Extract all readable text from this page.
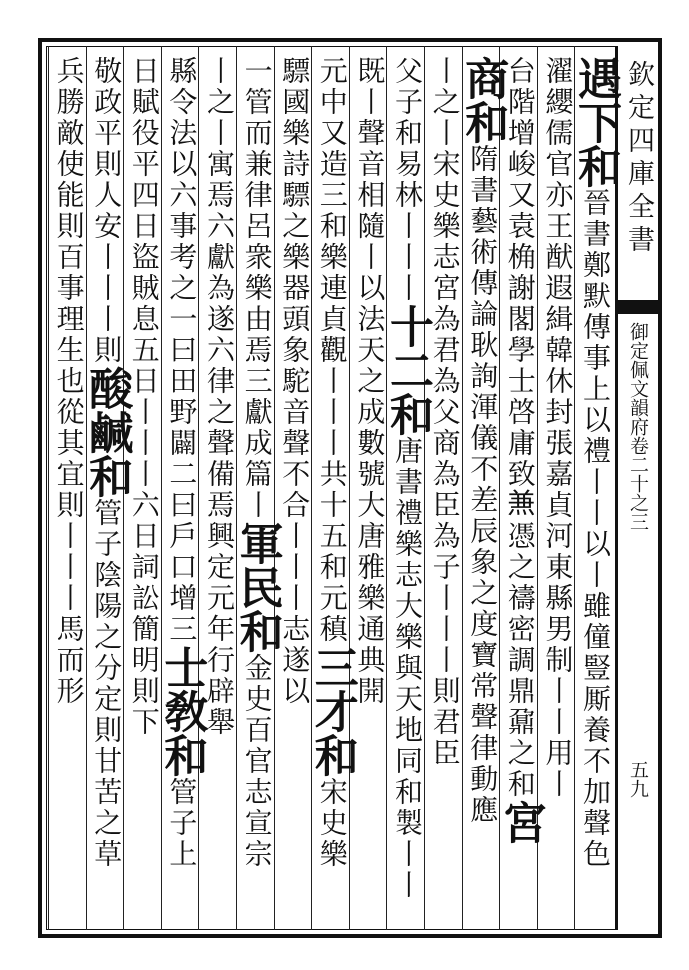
欽定四庫全書
御定佩文韻府卷二十之三
五九
遇下和晉書鄭默傳事上以禮丨丨以丨雖僮豎厮養不加聲色
濯纓儒官亦王猷遐緝韓休封張嘉貞河東縣男制丨丨用丨
台階增峻又袁桷謝閣學士啓庸致𠔥憑之禱密調鼎鼐之和宮
商和隋書藝術傳論耿詢渾儀不差辰象之度寶常聲律動應
丨之丨宋史樂志宮為君為父商為臣為子丨丨丨則君臣
父子和易林丨丨丨十二和唐書禮樂志大樂與天地同和製丨丨
既丨聲音相隨丨以法天之成數號大唐雅樂通典開
元中又造三和樂連貞觀丨丨丨共十五和元稹三才和宋史樂
驃國樂詩驃之樂器頭象駝音聲不合丨丨丨志遂以
一管而兼律呂衆樂由焉三獻成篇丨軍民和金史百官志宣宗
丨之丨寓焉六獻為遂六律之聲備焉興定元年行辟舉
縣令法以六事考之一曰田野闢二曰戶口增三士敎和管子上
日賦役平四日盜賊息五日丨丨丨六日詞訟簡明則下
敬政平則人安丨丨丨則酸鹹和管子陰陽之分定則甘苦之草
兵勝敵使能則百事理生也從其宜則丨丨丨馬而形
